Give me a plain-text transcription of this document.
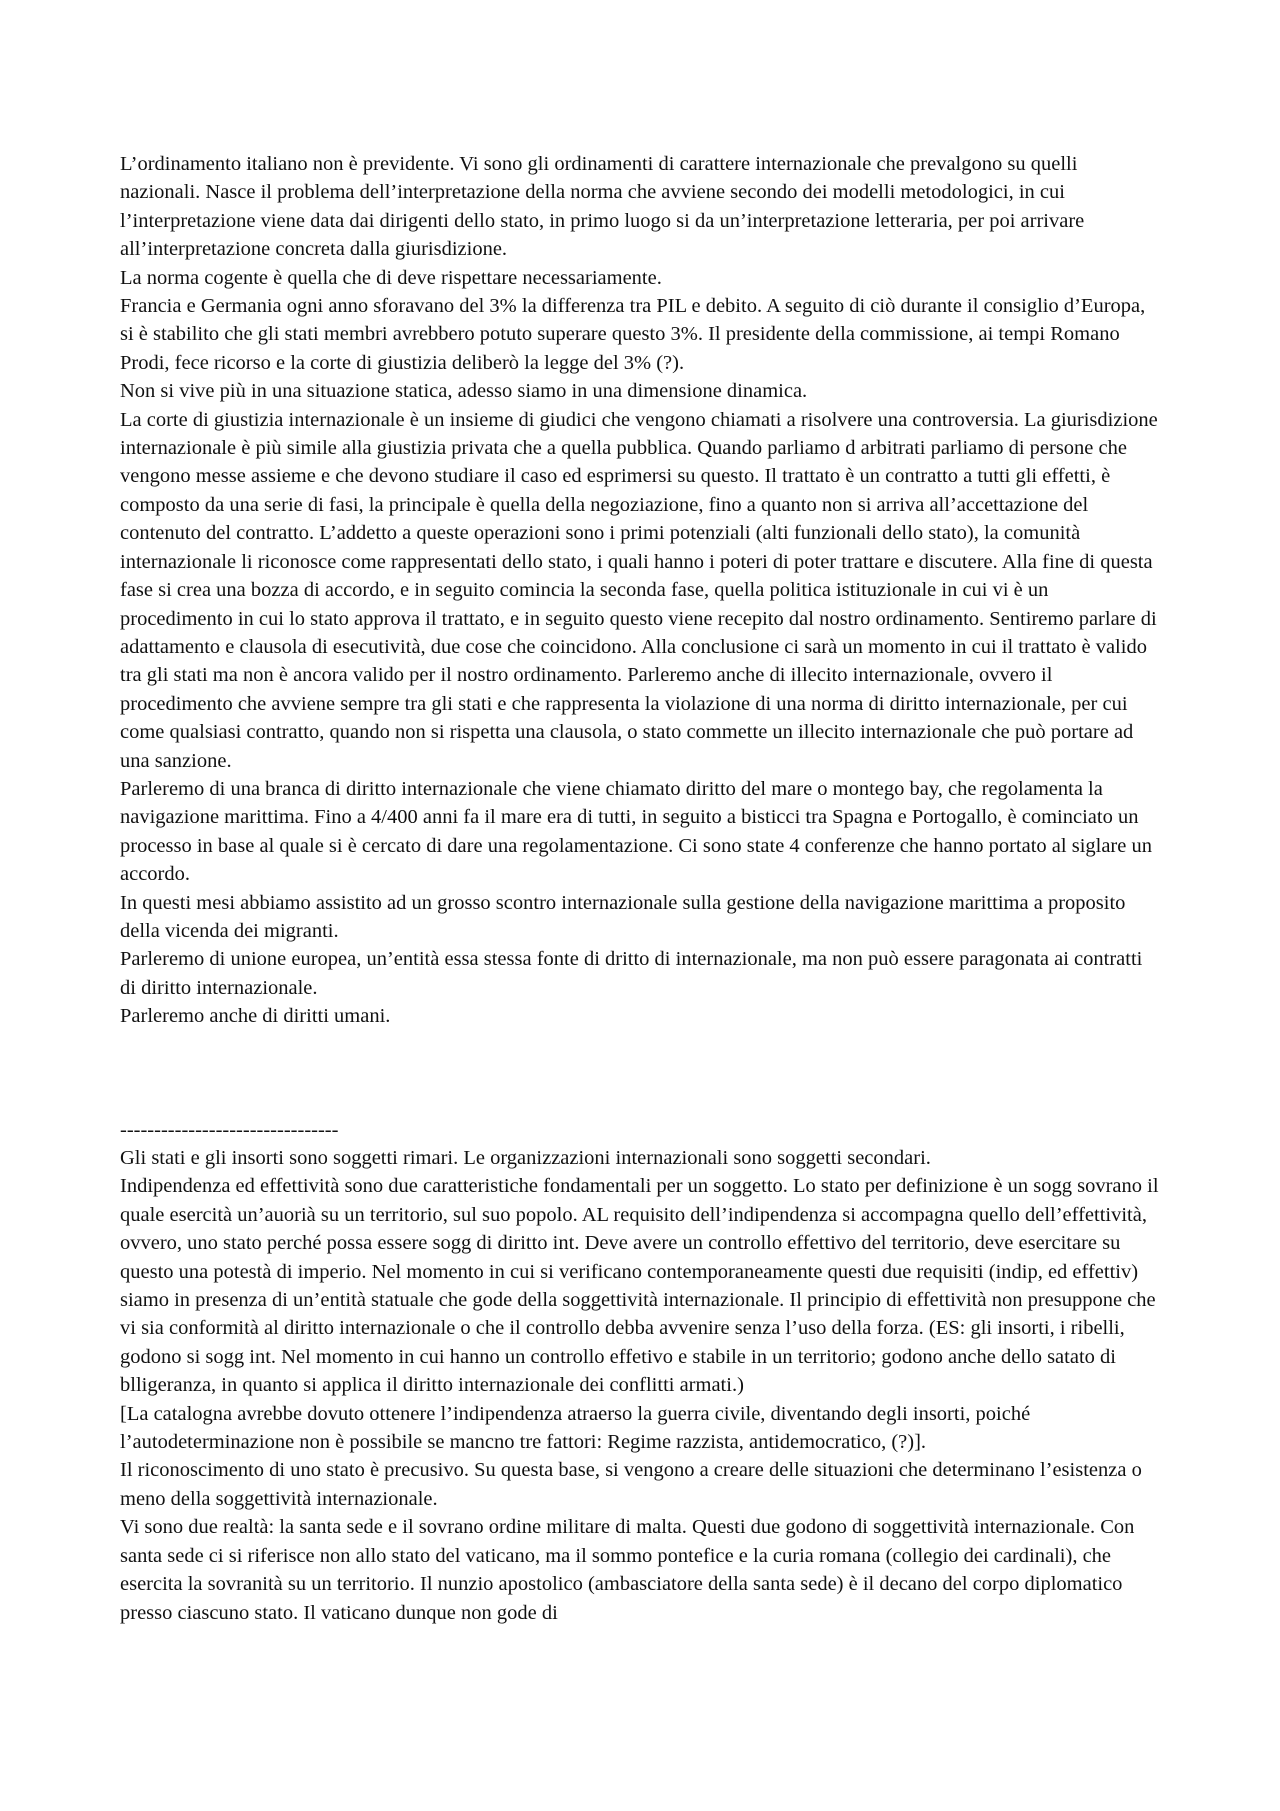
L’ordinamento italiano non è previdente. Vi sono gli ordinamenti di carattere internazionale che prevalgono su quelli nazionali. Nasce il problema dell’interpretazione della norma che avviene secondo dei modelli metodologici, in cui l’interpretazione viene data dai dirigenti dello stato, in primo luogo si da un’interpretazione letteraria, per poi arrivare all’interpretazione concreta dalla giurisdizione.

La norma cogente è quella che di deve rispettare necessariamente.

Francia e Germania ogni anno sforavano del 3% la differenza tra PIL e debito. A seguito di ciò durante il consiglio d’Europa, si è stabilito che gli stati membri avrebbero potuto superare questo 3%. Il presidente della commissione, ai tempi Romano Prodi, fece ricorso e la corte di giustizia deliberò la legge del 3% (?).

Non si vive più in una situazione statica, adesso siamo in una dimensione dinamica.

La corte di giustizia internazionale è un insieme di giudici che vengono chiamati a risolvere una controversia. La giurisdizione internazionale è più simile alla giustizia privata che a quella pubblica. Quando parliamo d arbitrati parliamo di persone che vengono messe assieme e che devono studiare il caso ed esprimersi su questo. Il trattato è un contratto a tutti gli effetti, è composto da una serie di fasi, la principale è quella della negoziazione, fino a quanto non si arriva all’accettazione del contenuto del contratto. L’addetto a queste operazioni sono i primi potenziali (alti funzionali dello stato), la comunità internazionale li riconosce come rappresentati dello stato, i quali hanno i poteri di poter trattare e discutere. Alla fine di questa fase si crea una bozza di accordo, e in seguito comincia la seconda fase, quella politica istituzionale in cui vi è un procedimento in cui lo stato approva il trattato, e in seguito questo viene recepito dal nostro ordinamento. Sentiremo parlare di adattamento e clausola di esecutività, due cose che coincidono. Alla conclusione ci sarà un momento in cui il trattato è valido tra gli stati ma non è ancora valido per il nostro ordinamento. Parleremo anche di illecito internazionale, ovvero il procedimento che avviene sempre tra gli stati e che rappresenta la violazione di una norma di diritto internazionale, per cui come qualsiasi contratto, quando non si rispetta una clausola, o stato commette un illecito internazionale che può portare ad una sanzione.

Parleremo di una branca di diritto internazionale che viene chiamato diritto del mare o montego bay, che regolamenta la navigazione marittima. Fino a 4/400 anni fa il mare era di tutti, in seguito a bisticci tra Spagna e Portogallo, è cominciato un processo in base al quale si è cercato di dare una regolamentazione. Ci sono state 4 conferenze che hanno portato al siglare un accordo.

In questi mesi abbiamo assistito ad un grosso scontro internazionale sulla gestione della navigazione marittima a proposito della vicenda dei migranti.

Parleremo di unione europea, un’entità essa stessa fonte di dritto di internazionale, ma non può essere paragonata ai contratti di diritto internazionale.

Parleremo anche di diritti umani.

--------------------------------

Gli stati e gli insorti sono soggetti rimari. Le organizzazioni internazionali sono soggetti secondari.

Indipendenza ed effettività sono due caratteristiche fondamentali per un soggetto. Lo stato per definizione è un sogg sovrano il quale esercità un’auorià su un territorio, sul suo popolo. AL requisito dell’indipendenza si accompagna quello dell’effettività, ovvero, uno stato perché possa essere sogg di diritto int. Deve avere un controllo effettivo del territorio, deve esercitare su questo una potestà di imperio. Nel momento in cui si verificano contemporaneamente questi due requisiti (indip, ed effettiv) siamo in presenza di un’entità statuale che gode della soggettività internazionale. Il principio di effettività non presuppone che vi sia conformità al diritto internazionale o che il controllo debba avvenire senza l’uso della forza. (ES: gli insorti, i ribelli, godono si sogg int. Nel momento in cui hanno un controllo effetivo e stabile in un territorio; godono anche dello satato di blligeranza, in quanto si applica il diritto internazionale dei conflitti armati.)

[La catalogna avrebbe dovuto ottenere l’indipendenza atraerso la guerra civile, diventando degli insorti, poiché l’autodeterminazione non è possibile se mancno tre fattori: Regime razzista, antidemocratico, (?)].

Il riconoscimento di uno stato è precusivo. Su questa base, si vengono a creare delle situazioni che determinano l’esistenza o meno della soggettività internazionale.

Vi sono due realtà: la santa sede e il sovrano ordine militare di malta. Questi due godono di soggettività internazionale. Con santa sede ci si riferisce non allo stato del vaticano, ma il sommo pontefice e la curia romana (collegio dei cardinali), che esercita la sovranità su un territorio. Il nunzio apostolico (ambasciatore della santa sede) è il decano del corpo diplomatico presso ciascuno stato. Il vaticano dunque non gode di
